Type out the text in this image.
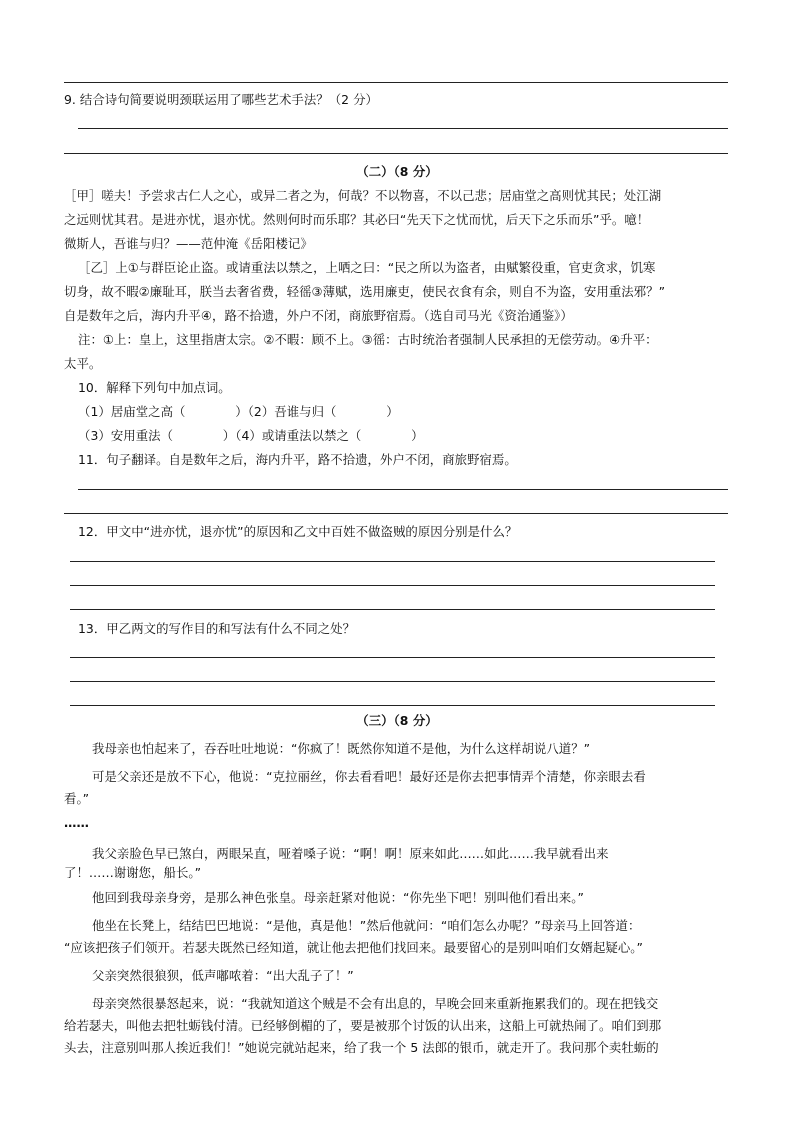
9. 结合诗句简要说明颈联运用了哪些艺术手法？（2 分）
（二）（8 分）
［甲］嗟夫！予尝求古仁人之心，或异二者之为，何哉？不以物喜，不以己悲；居庙堂之高则忧其民；处江湖
之远则忧其君。是进亦忧，退亦忧。然则何时而乐耶？其必曰“先天下之忧而忧，后天下之乐而乐”乎。噫！
微斯人，吾谁与归？——范仲淹《岳阳楼记》
［乙］上①与群臣论止盗。或请重法以禁之，上哂之曰：“民之所以为盗者，由赋繁役重，官吏贪求，饥寒
切身，故不暇②廉耻耳，朕当去奢省费，轻徭③薄赋，选用廉吏，使民衣食有余，则自不为盗，安用重法邪？”
自是数年之后，海内升平④，路不拾遗，外户不闭，商旅野宿焉。（选自司马光《资治通鉴》）
注：①上：皇上，这里指唐太宗。②不暇：顾不上。③徭：古时统治者强制人民承担的无偿劳动。④升平：
太平。
10．解释下列句中加点词。
（1）居庙堂之高（　　　　）（2）吾谁与归（　　　　）
（3）安用重法（　　　　）（4）或请重法以禁之（　　　　）
11．句子翻译。自是数年之后，海内升平，路不拾遗，外户不闭，商旅野宿焉。
12．甲文中“进亦忧，退亦忧”的原因和乙文中百姓不做盗贼的原因分别是什么？
13．甲乙两文的写作目的和写法有什么不同之处？
（三）（8 分）
我母亲也怕起来了，吞吞吐吐地说：“你疯了！既然你知道不是他，为什么这样胡说八道？”
可是父亲还是放不下心，他说：“克拉丽丝，你去看看吧！最好还是你去把事情弄个清楚，你亲眼去看
看。”
……
我父亲脸色早已煞白，两眼呆直，哑着嗓子说：“啊！啊！原来如此……如此……我早就看出来
了！……谢谢您，船长。”
他回到我母亲身旁，是那么神色张皇。母亲赶紧对他说：“你先坐下吧！别叫他们看出来。”
他坐在长凳上，结结巴巴地说：“是他，真是他！”然后他就问：“咱们怎么办呢？”母亲马上回答道：
“应该把孩子们领开。若瑟夫既然已经知道，就让他去把他们找回来。最要留心的是别叫咱们女婿起疑心。”
父亲突然很狼狈，低声嘟哝着：“出大乱子了！”
母亲突然很暴怒起来，说：“我就知道这个贼是不会有出息的，早晚会回来重新拖累我们的。现在把钱交
给若瑟夫，叫他去把牡蛎钱付清。已经够倒楣的了，要是被那个讨饭的认出来，这船上可就热闹了。咱们到那
头去，注意别叫那人挨近我们！”她说完就站起来，给了我一个 5 法郎的银币，就走开了。我问那个卖牡蛎的
